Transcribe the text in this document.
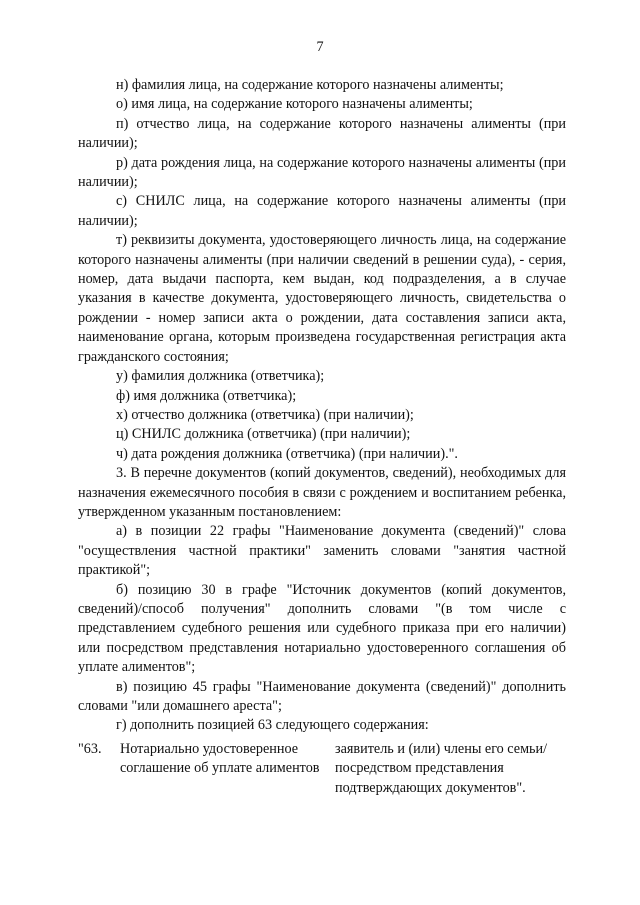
7

н) фамилия лица, на содержание которого назначены алименты;

о) имя лица, на содержание которого назначены алименты;

п) отчество лица, на содержание которого назначены алименты (при наличии);

р) дата рождения лица, на содержание которого назначены алименты (при наличии);

с) СНИЛС лица, на содержание которого назначены алименты (при наличии);

т) реквизиты документа, удостоверяющего личность лица, на содержание которого назначены алименты (при наличии сведений в решении суда), - серия, номер, дата выдачи паспорта, кем выдан, код подразделения, а в случае указания в качестве документа, удостоверяющего личность, свидетельства о рождении - номер записи акта о рождении, дата составления записи акта, наименование органа, которым произведена государственная регистрация акта гражданского состояния;

у) фамилия должника (ответчика);

ф) имя должника (ответчика);

х) отчество должника (ответчика) (при наличии);

ц) СНИЛС должника (ответчика) (при наличии);

ч) дата рождения должника (ответчика) (при наличии).".

3. В перечне документов (копий документов, сведений), необходимых для назначения ежемесячного пособия в связи с рождением и воспитанием ребенка, утвержденном указанным постановлением:

а) в позиции 22 графы "Наименование документа (сведений)" слова "осуществления частной практики" заменить словами "занятия частной практикой";

б) позицию 30 в графе "Источник документов (копий документов, сведений)/способ получения" дополнить словами "(в том числе с представлением судебного решения или судебного приказа при его наличии) или посредством представления нотариально удостоверенного соглашения об уплате алиментов";

в) позицию 45 графы "Наименование документа (сведений)" дополнить словами "или домашнего ареста";

г) дополнить позицией 63 следующего содержания:

"63.	Нотариально удостоверенное соглашение об уплате алиментов
заявитель и (или) члены его семьи/посредством представления подтверждающих документов".
